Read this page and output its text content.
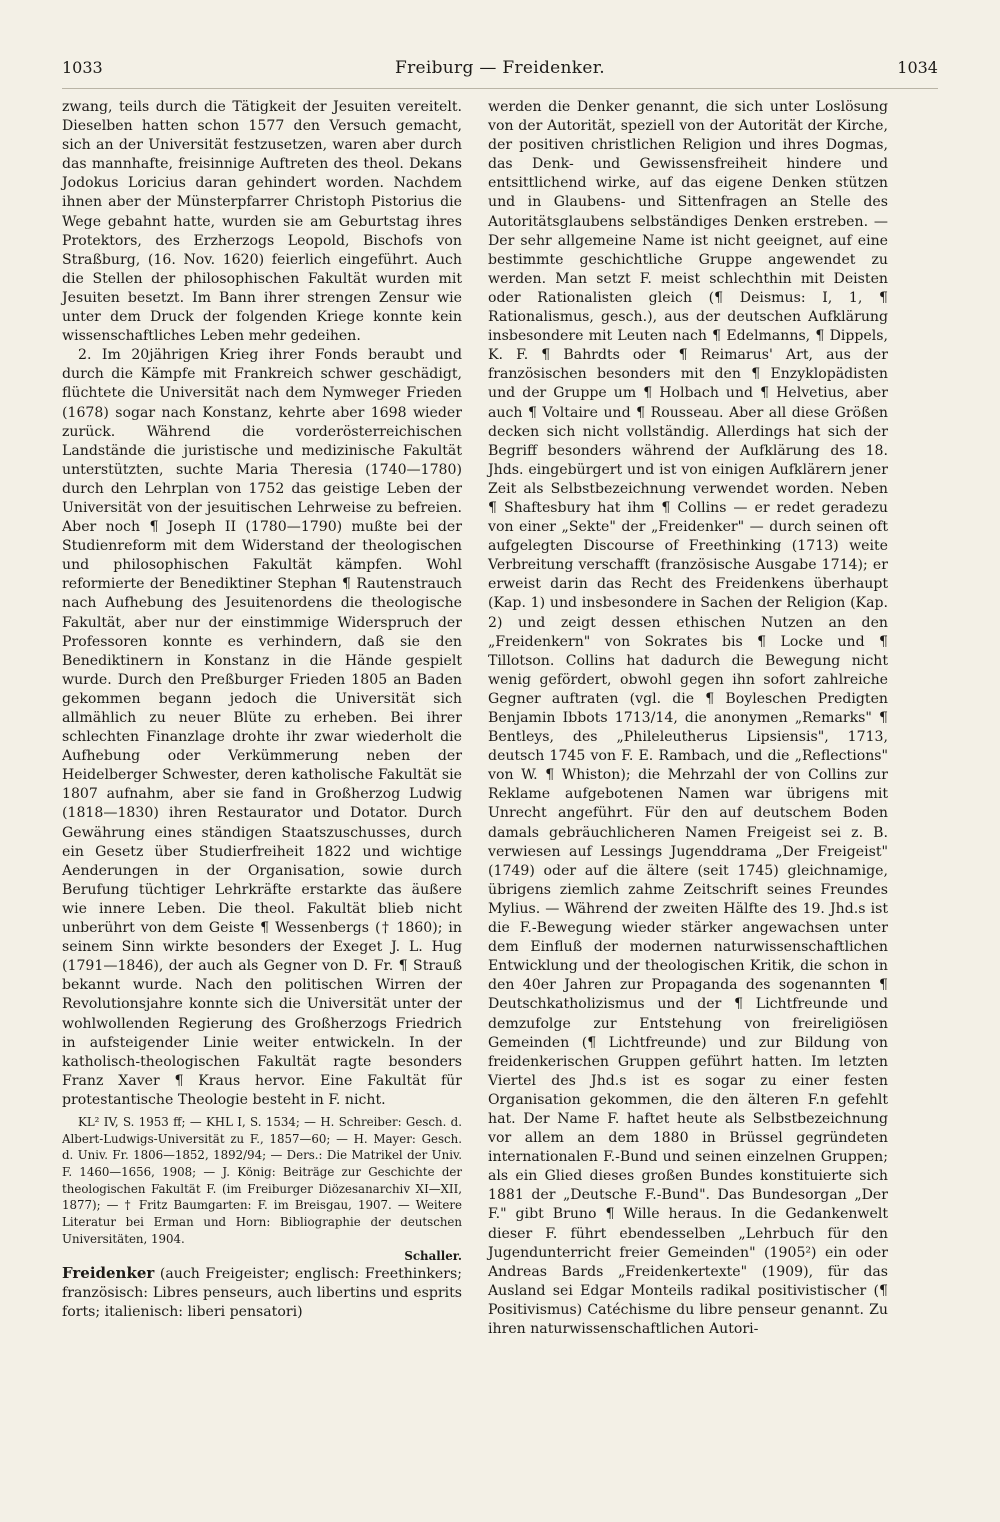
1033	Freiburg — Freidenker.	1034

zwang, teils durch die Tätigkeit der Jesuiten vereitelt. Dieselben hatten schon 1577 den Versuch gemacht, sich an der Universität festzusetzen, waren aber durch das mannhafte, freisinnige Auftreten des theol. Dekans Jodokus Loricius daran gehindert worden. Nachdem ihnen aber der Münsterpfarrer Christoph Pistorius die Wege gebahnt hatte, wurden sie am Geburtstag ihres Protektors, des Erzherzogs Leopold, Bischofs von Straßburg, (16. Nov. 1620) feierlich eingeführt. Auch die Stellen der philosophischen Fakultät wurden mit Jesuiten besetzt. Im Bann ihrer strengen Zensur wie unter dem Druck der folgenden Kriege konnte kein wissenschaftliches Leben mehr gedeihen.

2. Im 20jährigen Krieg ihrer Fonds beraubt und durch die Kämpfe mit Frankreich schwer geschädigt, flüchtete die Universität nach dem Nymweger Frieden (1678) sogar nach Konstanz, kehrte aber 1698 wieder zurück. Während die vorderösterreichischen Landstände die juristische und medizinische Fakultät unterstützten, suchte Maria Theresia (1740—1780) durch den Lehrplan von 1752 das geistige Leben der Universität von der jesuitischen Lehrweise zu befreien. Aber noch ¶ Joseph II (1780—1790) mußte bei der Studienreform mit dem Widerstand der theologischen und philosophischen Fakultät kämpfen. Wohl reformierte der Benediktiner Stephan ¶ Rautenstrauch nach Aufhebung des Jesuitenordens die theologische Fakultät, aber nur der einstimmige Widerspruch der Professoren konnte es verhindern, daß sie den Benediktinern in Konstanz in die Hände gespielt wurde. Durch den Preßburger Frieden 1805 an Baden gekommen begann jedoch die Universität sich allmählich zu neuer Blüte zu erheben. Bei ihrer schlechten Finanzlage drohte ihr zwar wiederholt die Aufhebung oder Verkümmerung neben der Heidelberger Schwester, deren katholische Fakultät sie 1807 aufnahm, aber sie fand in Großherzog Ludwig (1818—1830) ihren Restaurator und Dotator. Durch Gewährung eines ständigen Staatszuschusses, durch ein Gesetz über Studierfreiheit 1822 und wichtige Aenderungen in der Organisation, sowie durch Berufung tüchtiger Lehrkräfte erstarkte das äußere wie innere Leben. Die theol. Fakultät blieb nicht unberührt von dem Geiste ¶ Wessenbergs († 1860); in seinem Sinn wirkte besonders der Exeget J. L. Hug (1791—1846), der auch als Gegner von D. Fr. ¶ Strauß bekannt wurde. Nach den politischen Wirren der Revolutionsjahre konnte sich die Universität unter der wohlwollenden Regierung des Großherzogs Friedrich in aufsteigender Linie weiter entwickeln. In der katholisch-theologischen Fakultät ragte besonders Franz Xaver ¶ Kraus hervor. Eine Fakultät für protestantische Theologie besteht in F. nicht.

KL² IV, S. 1953 ff; — KHL I, S. 1534; — H. Schreiber: Gesch. d. Albert-Ludwigs-Universität zu F., 1857—60; — H. Mayer: Gesch. d. Univ. Fr. 1806—1852, 1892/94; — Ders.: Die Matrikel der Univ. F. 1460—1656, 1908; — J. König: Beiträge zur Geschichte der theologischen Fakultät F. (im Freiburger Diözesanarchiv XI—XII, 1877); — † Fritz Baumgarten: F. im Breisgau, 1907. — Weitere Literatur bei Erman und Horn: Bibliographie der deutschen Universitäten, 1904.

Schaller.

Freidenker (auch Freigeister; englisch: Freethinkers; französisch: Libres penseurs, auch libertins und esprits forts; italienisch: liberi pensatori)

werden die Denker genannt, die sich unter Loslösung von der Autorität, speziell von der Autorität der Kirche, der positiven christlichen Religion und ihres Dogmas, das Denk- und Gewissensfreiheit hindere und entsittlichend wirke, auf das eigene Denken stützen und in Glaubens- und Sittenfragen an Stelle des Autoritätsglaubens selbständiges Denken erstreben. — Der sehr allgemeine Name ist nicht geeignet, auf eine bestimmte geschichtliche Gruppe angewendet zu werden. Man setzt F. meist schlechthin mit Deisten oder Rationalisten gleich (¶ Deismus: I, 1, ¶ Rationalismus, gesch.), aus der deutschen Aufklärung insbesondere mit Leuten nach ¶ Edelmanns, ¶ Dippels, K. F. ¶ Bahrdts oder ¶ Reimarus' Art, aus der französischen besonders mit den ¶ Enzyklopädisten und der Gruppe um ¶ Holbach und ¶ Helvetius, aber auch ¶ Voltaire und ¶ Rousseau. Aber all diese Größen decken sich nicht vollständig. Allerdings hat sich der Begriff besonders während der Aufklärung des 18. Jhds. eingebürgert und ist von einigen Aufklärern jener Zeit als Selbstbezeichnung verwendet worden. Neben ¶ Shaftesbury hat ihm ¶ Collins — er redet geradezu von einer „Sekte" der „Freidenker" — durch seinen oft aufgelegten Discourse of Freethinking (1713) weite Verbreitung verschafft (französische Ausgabe 1714); er erweist darin das Recht des Freidenkens überhaupt (Kap. 1) und insbesondere in Sachen der Religion (Kap. 2) und zeigt dessen ethischen Nutzen an den „Freidenkern" von Sokrates bis ¶ Locke und ¶ Tillotson. Collins hat dadurch die Bewegung nicht wenig gefördert, obwohl gegen ihn sofort zahlreiche Gegner auftraten (vgl. die ¶ Boyleschen Predigten Benjamin Ibbots 1713/14, die anonymen „Remarks" ¶ Bentleys, des „Phileleutherus Lipsiensis", 1713, deutsch 1745 von F. E. Rambach, und die „Reflections" von W. ¶ Whiston); die Mehrzahl der von Collins zur Reklame aufgebotenen Namen war übrigens mit Unrecht angeführt. Für den auf deutschem Boden damals gebräuchlicheren Namen Freigeist sei z. B. verwiesen auf Lessings Jugenddrama „Der Freigeist" (1749) oder auf die ältere (seit 1745) gleichnamige, übrigens ziemlich zahme Zeitschrift seines Freundes Mylius. — Während der zweiten Hälfte des 19. Jhd.s ist die F.-Bewegung wieder stärker angewachsen unter dem Einfluß der modernen naturwissenschaftlichen Entwicklung und der theologischen Kritik, die schon in den 40er Jahren zur Propaganda des sogenannten ¶ Deutschkatholizismus und der ¶ Lichtfreunde und demzufolge zur Entstehung von freireligiösen Gemeinden (¶ Lichtfreunde) und zur Bildung von freidenkerischen Gruppen geführt hatten. Im letzten Viertel des Jhd.s ist es sogar zu einer festen Organisation gekommen, die den älteren F.n gefehlt hat. Der Name F. haftet heute als Selbstbezeichnung vor allem an dem 1880 in Brüssel gegründeten internationalen F.-Bund und seinen einzelnen Gruppen; als ein Glied dieses großen Bundes konstituierte sich 1881 der „Deutsche F.-Bund". Das Bundesorgan „Der F." gibt Bruno ¶ Wille heraus. In die Gedankenwelt dieser F. führt ebendesselben „Lehrbuch für den Jugendunterricht freier Gemeinden" (1905²) ein oder Andreas Bards „Freidenkertexte" (1909), für das Ausland sei Edgar Monteils radikal positivistischer (¶ Positivismus) Catéchisme du libre penseur genannt. Zu ihren naturwissenschaftlichen Autori-
